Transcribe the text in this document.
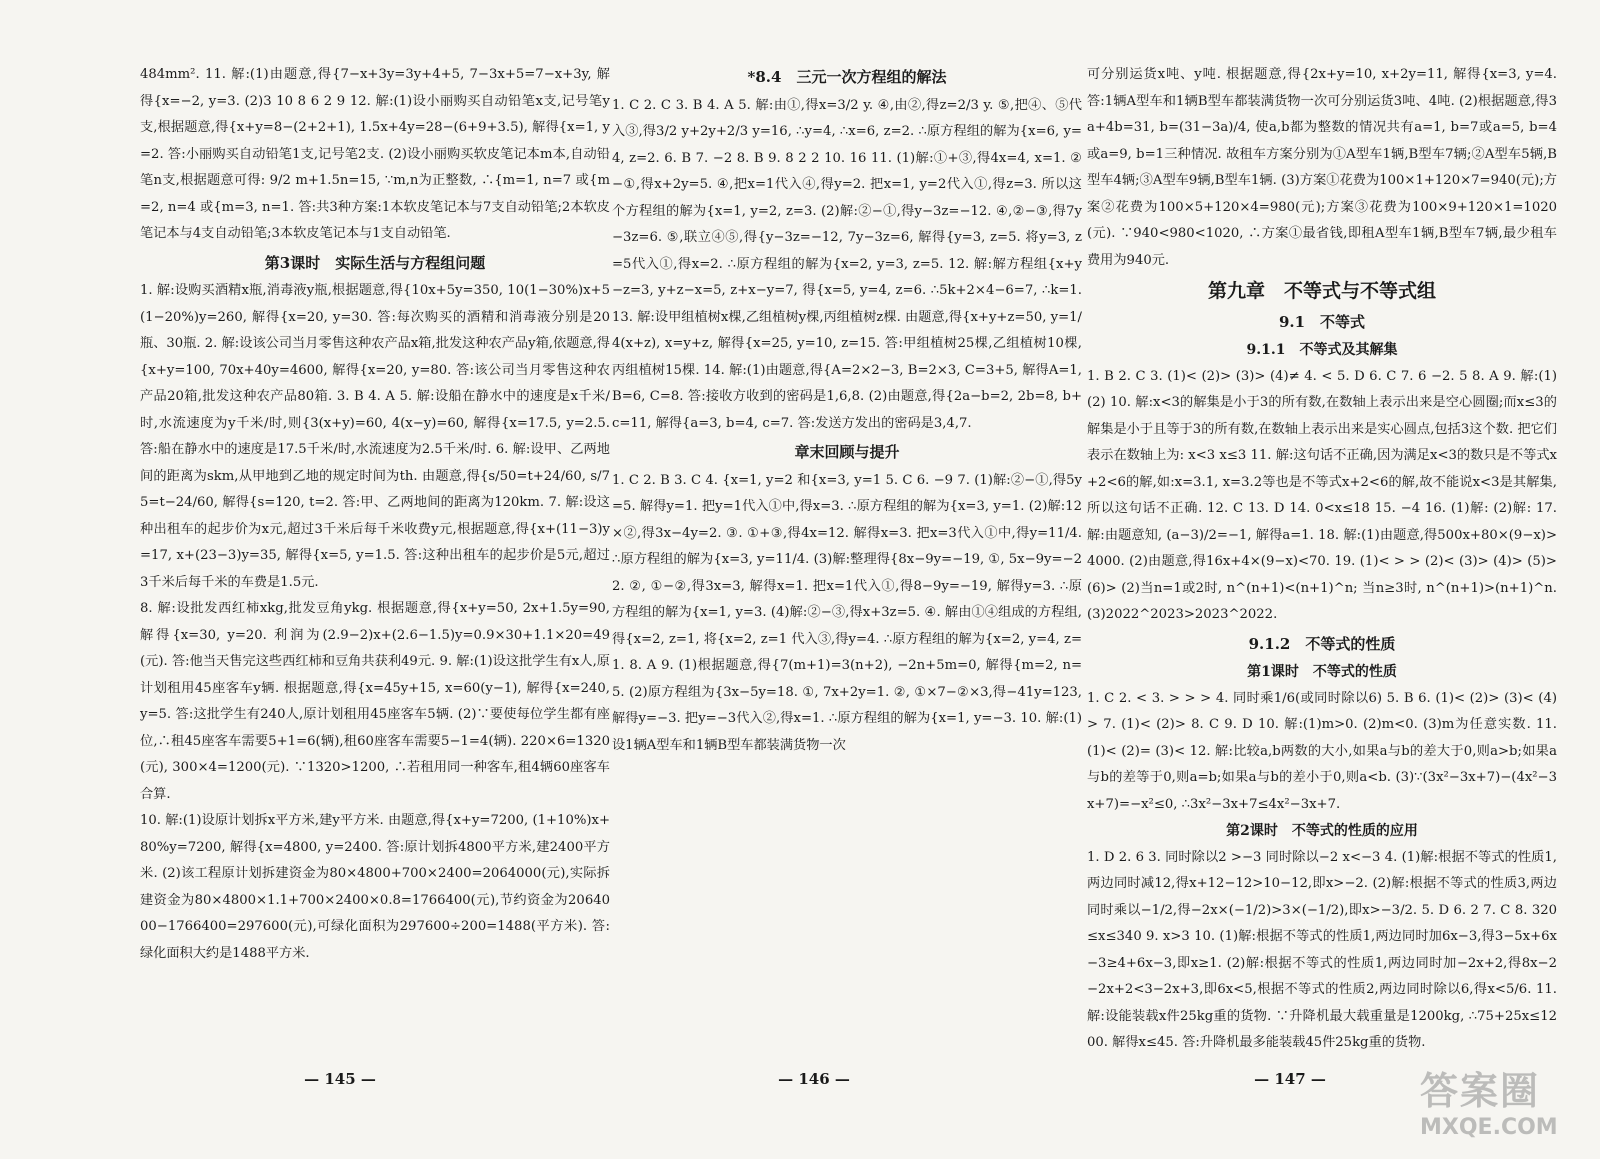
484mm². 11. 解:(1)由题意,得{7−x+3y=3y+4+5, 7−3x+5=7−x+3y, 解得{x=−2, y=3. (2)3 10 8 6 2 9 12. 解:(1)设小丽购买自动铅笔x支,记号笔y支,根据题意,得{x+y=8−(2+2+1), 1.5x+4y=28−(6+9+3.5), 解得{x=1, y=2. 答:小丽购买自动铅笔1支,记号笔2支. (2)设小丽购买软皮笔记本m本,自动铅笔n支,根据题意可得: 9/2 m+1.5n=15, ∵m,n为正整数, ∴{m=1, n=7 或{m=2, n=4 或{m=3, n=1. 答:共3种方案:1本软皮笔记本与7支自动铅笔;2本软皮笔记本与4支自动铅笔;3本软皮笔记本与1支自动铅笔.

第3课时　实际生活与方程组问题

1. 解:设购买酒精x瓶,消毒液y瓶,根据题意,得{10x+5y=350, 10(1−30%)x+5(1−20%)y=260, 解得{x=20, y=30. 答:每次购买的酒精和消毒液分别是20瓶、30瓶. 2. 解:设该公司当月零售这种农产品x箱,批发这种农产品y箱,依题意,得{x+y=100, 70x+40y=4600, 解得{x=20, y=80. 答:该公司当月零售这种农产品20箱,批发这种农产品80箱. 3. B 4. A 5. 解:设船在静水中的速度是x千米/时,水流速度为y千米/时,则{3(x+y)=60, 4(x−y)=60, 解得{x=17.5, y=2.5. 答:船在静水中的速度是17.5千米/时,水流速度为2.5千米/时. 6. 解:设甲、乙两地间的距离为skm,从甲地到乙地的规定时间为th. 由题意,得{s/50=t+24/60, s/75=t−24/60, 解得{s=120, t=2. 答:甲、乙两地间的距离为120km. 7. 解:设这种出租车的起步价为x元,超过3千米后每千米收费y元,根据题意,得{x+(11−3)y=17, x+(23−3)y=35, 解得{x=5, y=1.5. 答:这种出租车的起步价是5元,超过3千米后每千米的车费是1.5元.

8. 解:设批发西红柿xkg,批发豆角ykg. 根据题意,得{x+y=50, 2x+1.5y=90, 解得{x=30, y=20. 利润为(2.9−2)x+(2.6−1.5)y=0.9×30+1.1×20=49(元). 答:他当天售完这些西红柿和豆角共获利49元. 9. 解:(1)设这批学生有x人,原计划租用45座客车y辆. 根据题意,得{x=45y+15, x=60(y−1), 解得{x=240, y=5. 答:这批学生有240人,原计划租用45座客车5辆. (2)∵要使每位学生都有座位,∴租45座客车需要5+1=6(辆),租60座客车需要5−1=4(辆). 220×6=1320(元), 300×4=1200(元). ∵1320>1200, ∴若租用同一种客车,租4辆60座客车合算.

10. 解:(1)设原计划拆x平方米,建y平方米. 由题意,得{x+y=7200, (1+10%)x+80%y=7200, 解得{x=4800, y=2400. 答:原计划拆4800平方米,建2400平方米. (2)该工程原计划拆建资金为80×4800+700×2400=2064000(元),实际拆建资金为80×4800×1.1+700×2400×0.8=1766400(元),节约资金为2064000−1766400=297600(元),可绿化面积为297600÷200=1488(平方米). 答:绿化面积大约是1488平方米.

*8.4　三元一次方程组的解法

1. C 2. C 3. B 4. A 5. 解:由①,得x=3/2 y. ④,由②,得z=2/3 y. ⑤,把④、⑤代入③,得3/2 y+2y+2/3 y=16, ∴y=4, ∴x=6, z=2. ∴原方程组的解为{x=6, y=4, z=2. 6. B 7. −2 8. B 9. 8 2 2 10. 16 11. (1)解:①+③,得4x=4, x=1. ②−①,得x+2y=5. ④,把x=1代入④,得y=2. 把x=1, y=2代入①,得z=3. 所以这个方程组的解为{x=1, y=2, z=3. (2)解:②−①,得y−3z=−12. ④,②−③,得7y−3z=6. ⑤,联立④⑤,得{y−3z=−12, 7y−3z=6, 解得{y=3, z=5. 将y=3, z=5代入①,得x=2. ∴原方程组的解为{x=2, y=3, z=5. 12. 解:解方程组{x+y−z=3, y+z−x=5, z+x−y=7, 得{x=5, y=4, z=6. ∴5k+2×4−6=7, ∴k=1. 13. 解:设甲组植树x棵,乙组植树y棵,丙组植树z棵. 由题意,得{x+y+z=50, y=1/4(x+z), x=y+z, 解得{x=25, y=10, z=15. 答:甲组植树25棵,乙组植树10棵,丙组植树15棵. 14. 解:(1)由题意,得{A=2×2−3, B=2×3, C=3+5, 解得A=1, B=6, C=8. 答:接收方收到的密码是1,6,8. (2)由题意,得{2a−b=2, 2b=8, b+c=11, 解得{a=3, b=4, c=7. 答:发送方发出的密码是3,4,7.

章末回顾与提升

1. C 2. B 3. C 4. {x=1, y=2 和{x=3, y=1 5. C 6. −9 7. (1)解:②−①,得5y=5. 解得y=1. 把y=1代入①中,得x=3. ∴原方程组的解为{x=3, y=1. (2)解:12×②,得3x−4y=2. ③. ①+③,得4x=12. 解得x=3. 把x=3代入①中,得y=11/4. ∴原方程组的解为{x=3, y=11/4. (3)解:整理得{8x−9y=−19, ①, 5x−9y=−22. ②, ①−②,得3x=3, 解得x=1. 把x=1代入①,得8−9y=−19, 解得y=3. ∴原方程组的解为{x=1, y=3. (4)解:②−③,得x+3z=5. ④. 解由①④组成的方程组,得{x=2, z=1, 将{x=2, z=1 代入③,得y=4. ∴原方程组的解为{x=2, y=4, z=1. 8. A 9. (1)根据题意,得{7(m+1)=3(n+2), −2n+5m=0, 解得{m=2, n=5. (2)原方程组为{3x−5y=18. ①, 7x+2y=1. ②, ①×7−②×3,得−41y=123, 解得y=−3. 把y=−3代入②,得x=1. ∴原方程组的解为{x=1, y=−3. 10. 解:(1)设1辆A型车和1辆B型车都装满货物一次

可分别运货x吨、y吨. 根据题意,得{2x+y=10, x+2y=11, 解得{x=3, y=4. 答:1辆A型车和1辆B型车都装满货物一次可分别运货3吨、4吨. (2)根据题意,得3a+4b=31, b=(31−3a)/4, 使a,b都为整数的情况共有a=1, b=7或a=5, b=4或a=9, b=1三种情况. 故租车方案分别为①A型车1辆,B型车7辆;②A型车5辆,B型车4辆;③A型车9辆,B型车1辆. (3)方案①花费为100×1+120×7=940(元);方案②花费为100×5+120×4=980(元);方案③花费为100×9+120×1=1020(元). ∵940<980<1020, ∴方案①最省钱,即租A型车1辆,B型车7辆,最少租车费用为940元.

第九章　不等式与不等式组
9.1　不等式
9.1.1　不等式及其解集

1. B 2. C 3. (1)< (2)> (3)> (4)≠ 4. < 5. D 6. C 7. 6 −2. 5 8. A 9. 解:(1) (2) 10. 解:x<3的解集是小于3的所有数,在数轴上表示出来是空心圆圈;而x≤3的解集是小于且等于3的所有数,在数轴上表示出来是实心圆点,包括3这个数. 把它们表示在数轴上为: x<3 x≤3 11. 解:这句话不正确,因为满足x<3的数只是不等式x+2<6的解,如:x=3.1, x=3.2等也是不等式x+2<6的解,故不能说x<3是其解集,所以这句话不正确. 12. C 13. D 14. 0<x≤18 15. −4 16. (1)解: (2)解: 17. 解:由题意知, (a−3)/2=−1, 解得a=1. 18. 解:(1)由题意,得500x+80×(9−x)>4000. (2)由题意,得16x+4×(9−x)<70. 19. (1)< > > (2)< (3)> (4)> (5)> (6)> (2)当n=1或2时, n^(n+1)<(n+1)^n; 当n≥3时, n^(n+1)>(n+1)^n. (3)2022^2023>2023^2022.

9.1.2　不等式的性质
第1课时　不等式的性质

1. C 2. < 3. > > > 4. 同时乘1/6(或同时除以6) 5. B 6. (1)< (2)> (3)< (4)> 7. (1)< (2)> 8. C 9. D 10. 解:(1)m>0. (2)m<0. (3)m为任意实数. 11. (1)< (2)= (3)< 12. 解:比较a,b两数的大小,如果a与b的差大于0,则a>b;如果a与b的差等于0,则a=b;如果a与b的差小于0,则a<b. (3)∵(3x²−3x+7)−(4x²−3x+7)=−x²≤0, ∴3x²−3x+7≤4x²−3x+7.

第2课时　不等式的性质的应用

1. D 2. 6 3. 同时除以2 >−3 同时除以−2 x<−3 4. (1)解:根据不等式的性质1,两边同时减12,得x+12−12>10−12,即x>−2. (2)解:根据不等式的性质3,两边同时乘以−1/2,得−2x×(−1/2)>3×(−1/2),即x>−3/2. 5. D 6. 2 7. C 8. 320≤x≤340 9. x>3 10. (1)解:根据不等式的性质1,两边同时加6x−3,得3−5x+6x−3≥4+6x−3,即x≥1. (2)解:根据不等式的性质1,两边同时加−2x+2,得8x−2−2x+2<3−2x+3,即6x<5,根据不等式的性质2,两边同时除以6,得x<5/6. 11. 解:设能装载x件25kg重的货物. ∵升降机最大载重量是1200kg, ∴75+25x≤1200. 解得x≤45. 答:升降机最多能装载45件25kg重的货物.

— 145 —	— 146 —	— 147 —	答案圈
MXQE.COM
